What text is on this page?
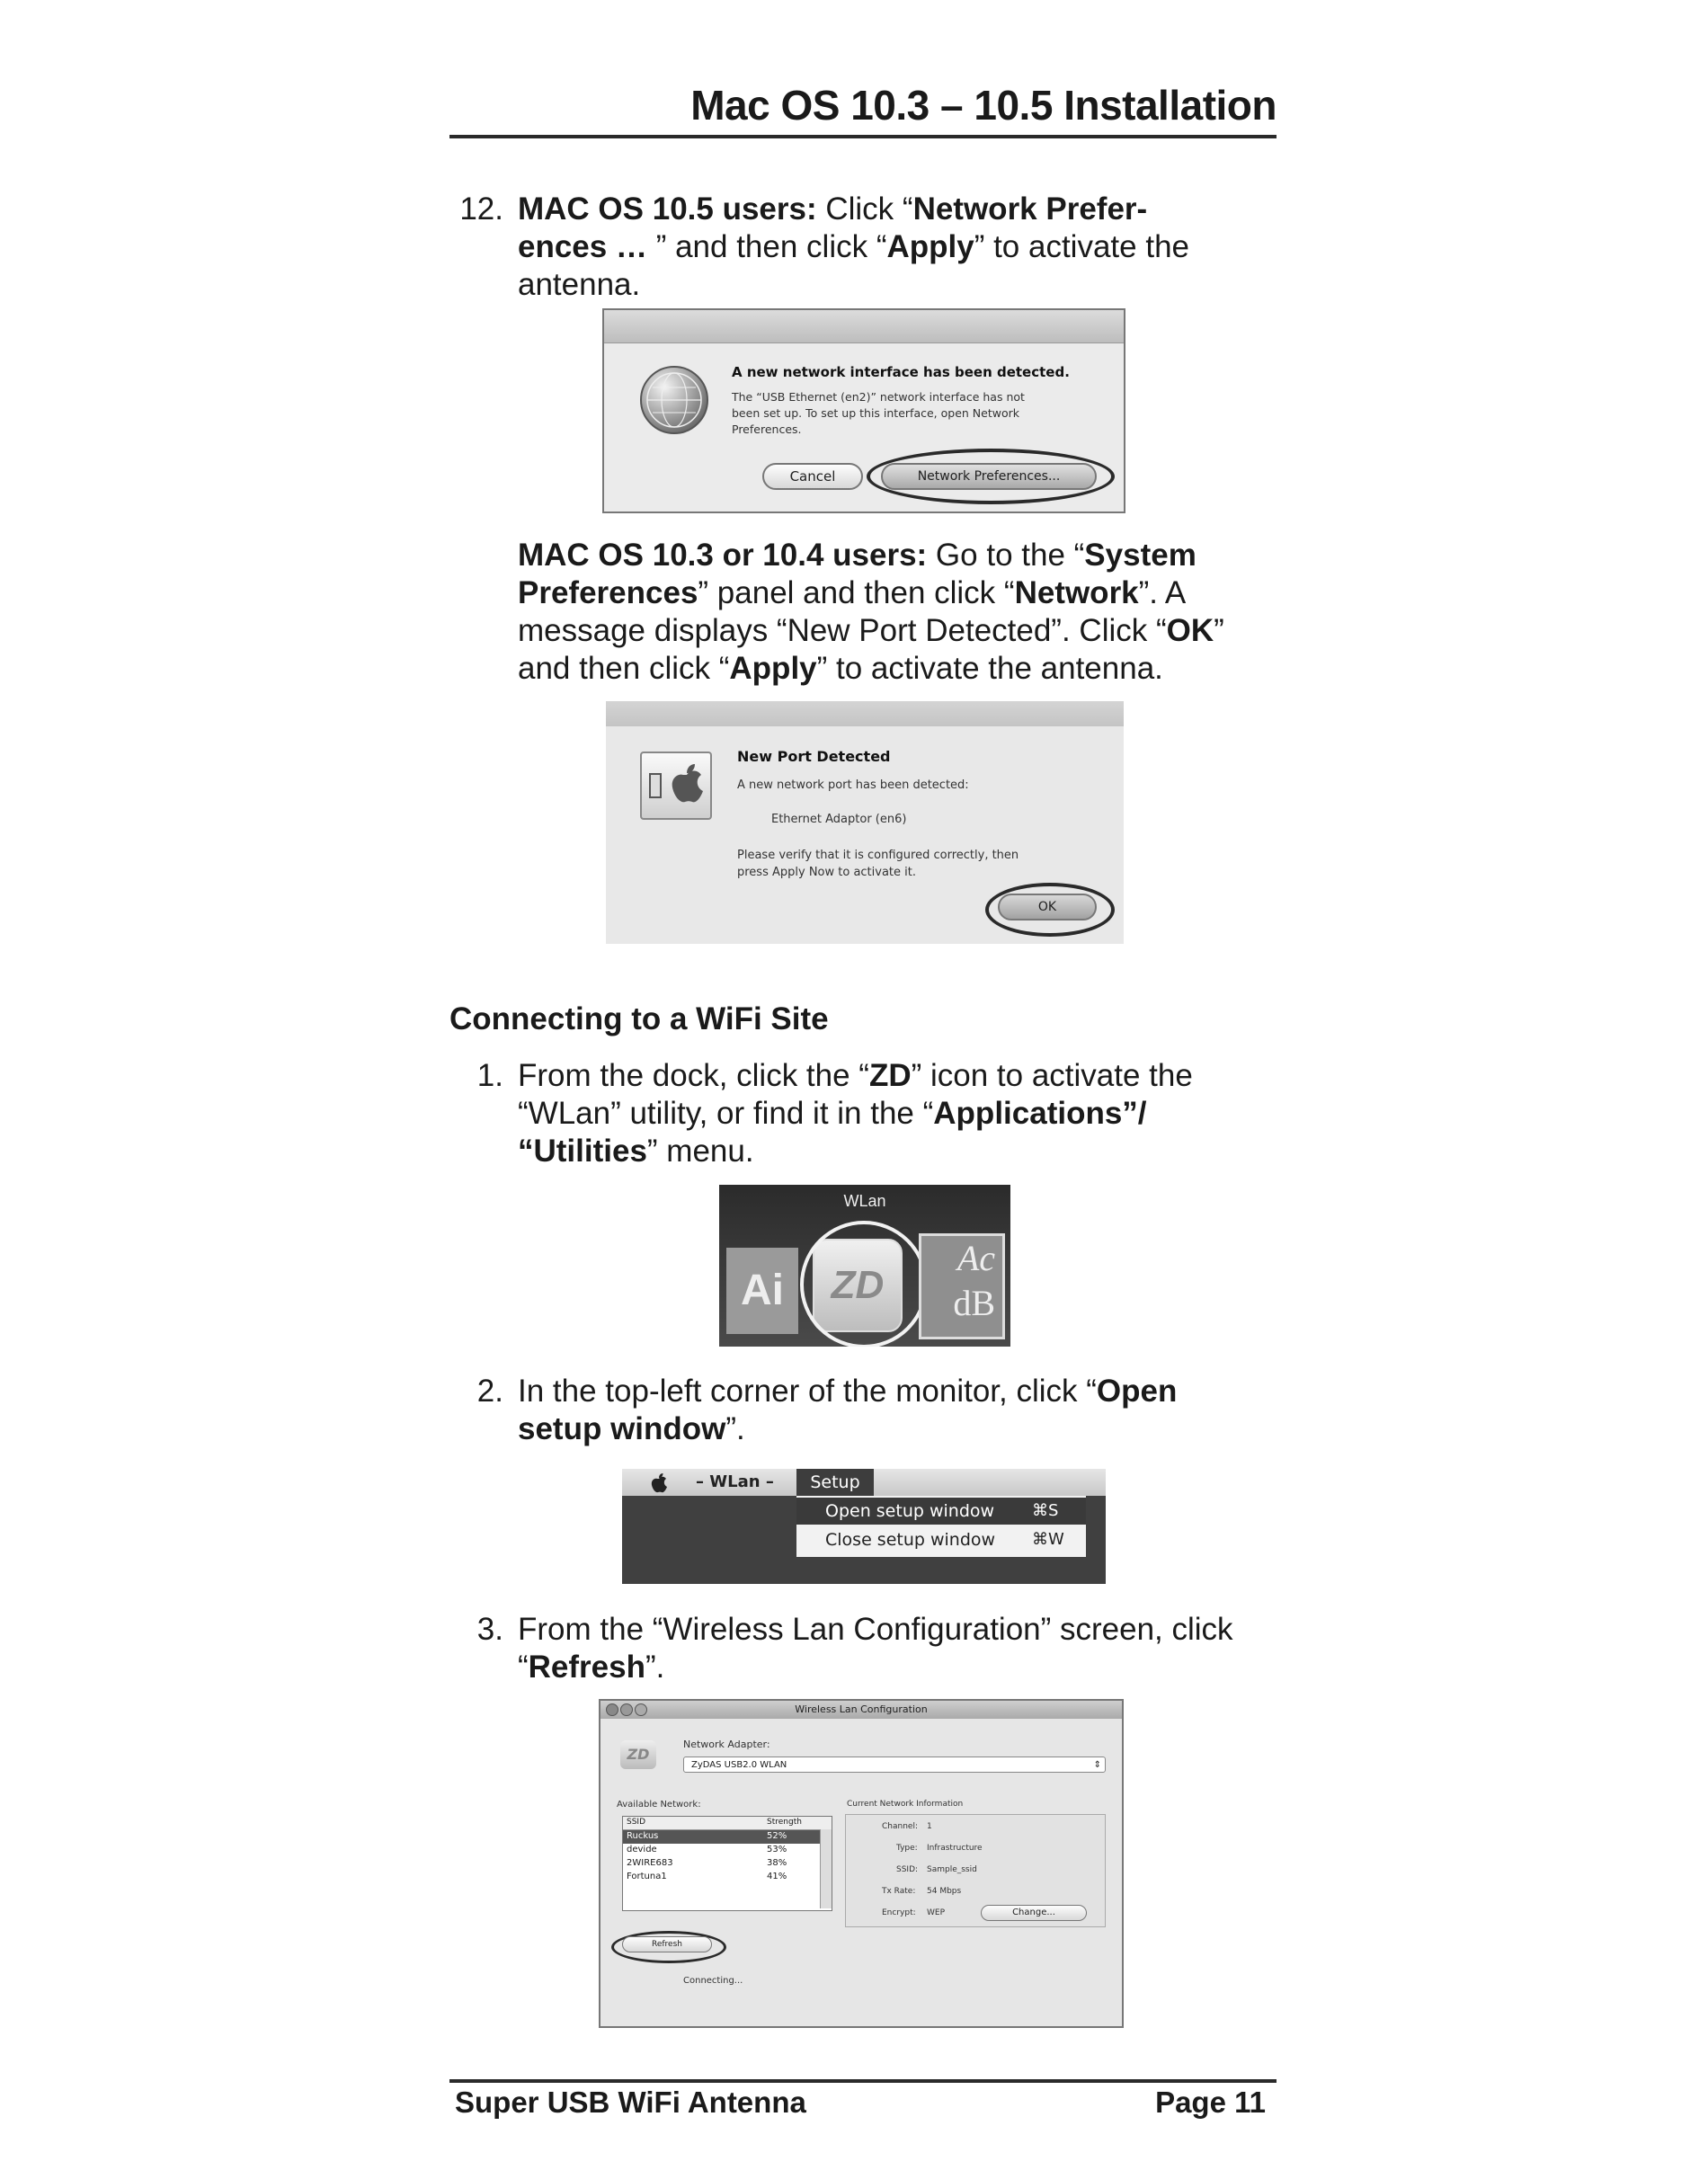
Mac OS 10.3 – 10.5 Installation
12. MAC OS 10.5 users: Click “Network Prefer-
ences … ” and then click “Apply” to activate the
antenna.
A new network interface has been detected.
The “USB Ethernet (en2)” network interface has not
been set up. To set up this interface, open Network
Preferences.
Cancel	Network Preferences...
MAC OS 10.3 or 10.4 users: Go to the “System
Preferences” panel and then click “Network”. A
message displays “New Port Detected”. Click “OK”
and then click “Apply” to activate the antenna.
New Port Detected
A new network port has been detected:
Ethernet Adaptor (en6)
Please verify that it is configured correctly, then
press Apply Now to activate it.
OK
Connecting to a WiFi Site
1. From the dock, click the “ZD” icon to activate the
“WLan” utility, or find it in the “Applications”/
“Utilities” menu.
WLan
Ai	ZD
Ac
dB
2. In the top-left corner of the monitor, click “Open
setup window”.
– WLan –	Setup
Open setup window ⌘S
Close setup window ⌘W
3. From the “Wireless Lan Configuration” screen, click
“Refresh”.
Wireless Lan Configuration
ZD
Network Adapter:
ZyDAS USB2.0 WLAN	⇕
Available Network:	Current Network Information
SSID	Strength
Ruckus	52%
devide	53%
2WIRE683	38%
Fortuna1	41%
Channel: 1
Type: Infrastructure
SSID: Sample_ssid
Tx Rate: 54 Mbps
Encrypt: WEP	Change...
Refresh
Connecting...
Super USB WiFi Antenna	Page 11
